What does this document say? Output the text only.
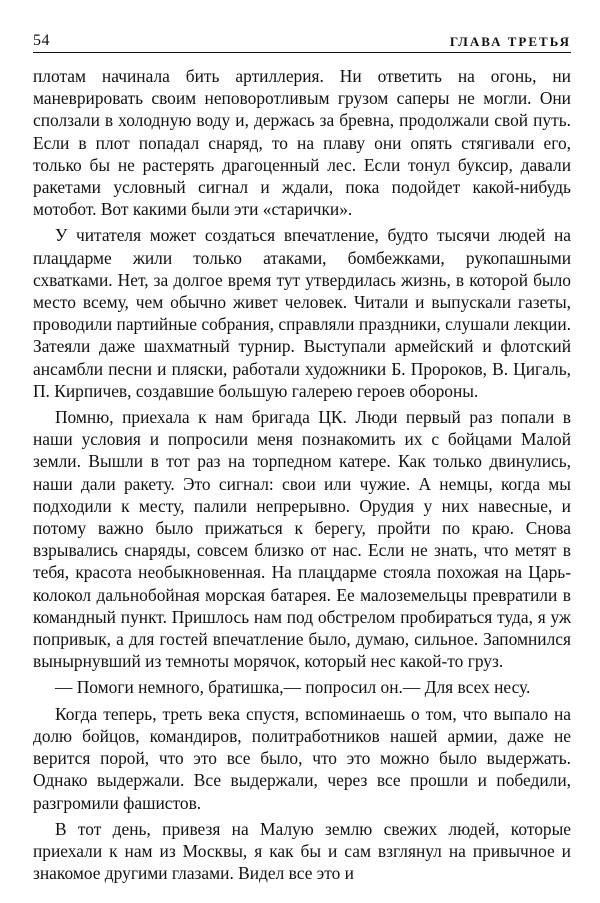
54	ГЛАВА ТРЕТЬЯ

плотам начинала бить артиллерия. Ни ответить на огонь, ни маневрировать своим неповоротливым грузом саперы не могли. Они сползали в холодную воду и, держась за бревна, продолжали свой путь. Если в плот попадал снаряд, то на плаву они опять стягивали его, только бы не растерять драгоценный лес. Если тонул буксир, давали ракетами условный сигнал и ждали, пока подойдет какой-нибудь мотобот. Вот какими были эти «старички».

У читателя может создаться впечатление, будто тысячи людей на плацдарме жили только атаками, бомбежками, рукопашными схватками. Нет, за долгое время тут утвердилась жизнь, в которой было место всему, чем обычно живет человек. Читали и выпускали газеты, проводили партийные собрания, справляли праздники, слушали лекции. Затеяли даже шахматный турнир. Выступали армейский и флотский ансамбли песни и пляски, работали художники Б. Пророков, В. Цигаль, П. Кирпичев, создавшие большую галерею героев обороны.

Помню, приехала к нам бригада ЦК. Люди первый раз попали в наши условия и попросили меня познакомить их с бойцами Малой земли. Вышли в тот раз на торпедном катере. Как только двинулись, наши дали ракету. Это сигнал: свои или чужие. А немцы, когда мы подходили к месту, палили непрерывно. Орудия у них навесные, и потому важно было прижаться к берегу, пройти по краю. Снова взрывались снаряды, совсем близко от нас. Если не знать, что метят в тебя, красота необыкновенная. На плацдарме стояла похожая на Царь-колокол дальнобойная морская батарея. Ее малоземельцы превратили в командный пункт. Пришлось нам под обстрелом пробираться туда, я уж попривык, а для гостей впечатление было, думаю, сильное. Запомнился вынырнувший из темноты морячок, который нес какой-то груз.

— Помоги немного, братишка,— попросил он.— Для всех несу.

Когда теперь, треть века спустя, вспоминаешь о том, что выпало на долю бойцов, командиров, политработников нашей армии, даже не верится порой, что это все было, что это можно было выдержать. Однако выдержали. Все выдержали, через все прошли и победили, разгромили фашистов.

В тот день, привезя на Малую землю свежих людей, которые приехали к нам из Москвы, я как бы и сам взглянул на привычное и знакомое другими глазами. Видел все это и
